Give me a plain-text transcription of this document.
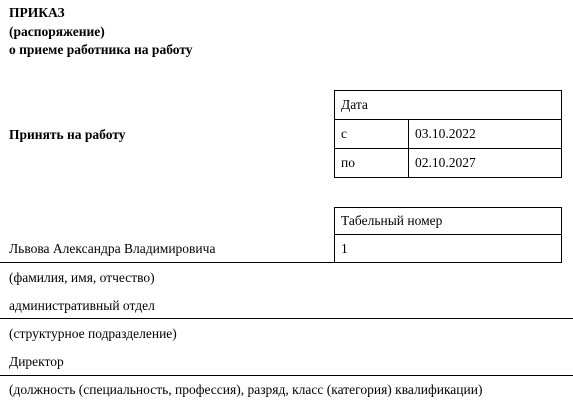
ПРИКАЗ
(распоряжение)
о приеме работника на работу
Принять на работу
Дата
с	03.10.2022
по	02.10.2027
Табельный номер
1
Львова Александра Владимировича
(фамилия, имя, отчество)
административный отдел
(структурное подразделение)
Директор
(должность (специальность, профессия), разряд, класс (категория) квалификации)
